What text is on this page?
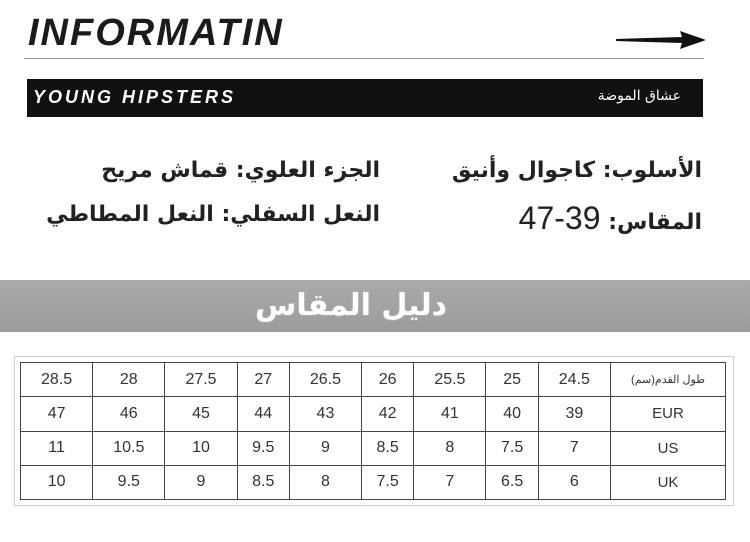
INFORMATIN
YOUNG HIPSTERS	عشاق الموضة
الأسلوب: كاجوال وأنيق
الجزء العلوي: قماش مريح
المقاس: 39-47
النعل السفلي: النعل المطاطي
دليل المقاس
28.5	28	27.5	27	26.5	26	25.5	25	24.5	طول القدم(سم)
47	46	45	44	43	42	41	40	39	EUR
11	10.5	10	9.5	9	8.5	8	7.5	7	US
10	9.5	9	8.5	8	7.5	7	6.5	6	UK
